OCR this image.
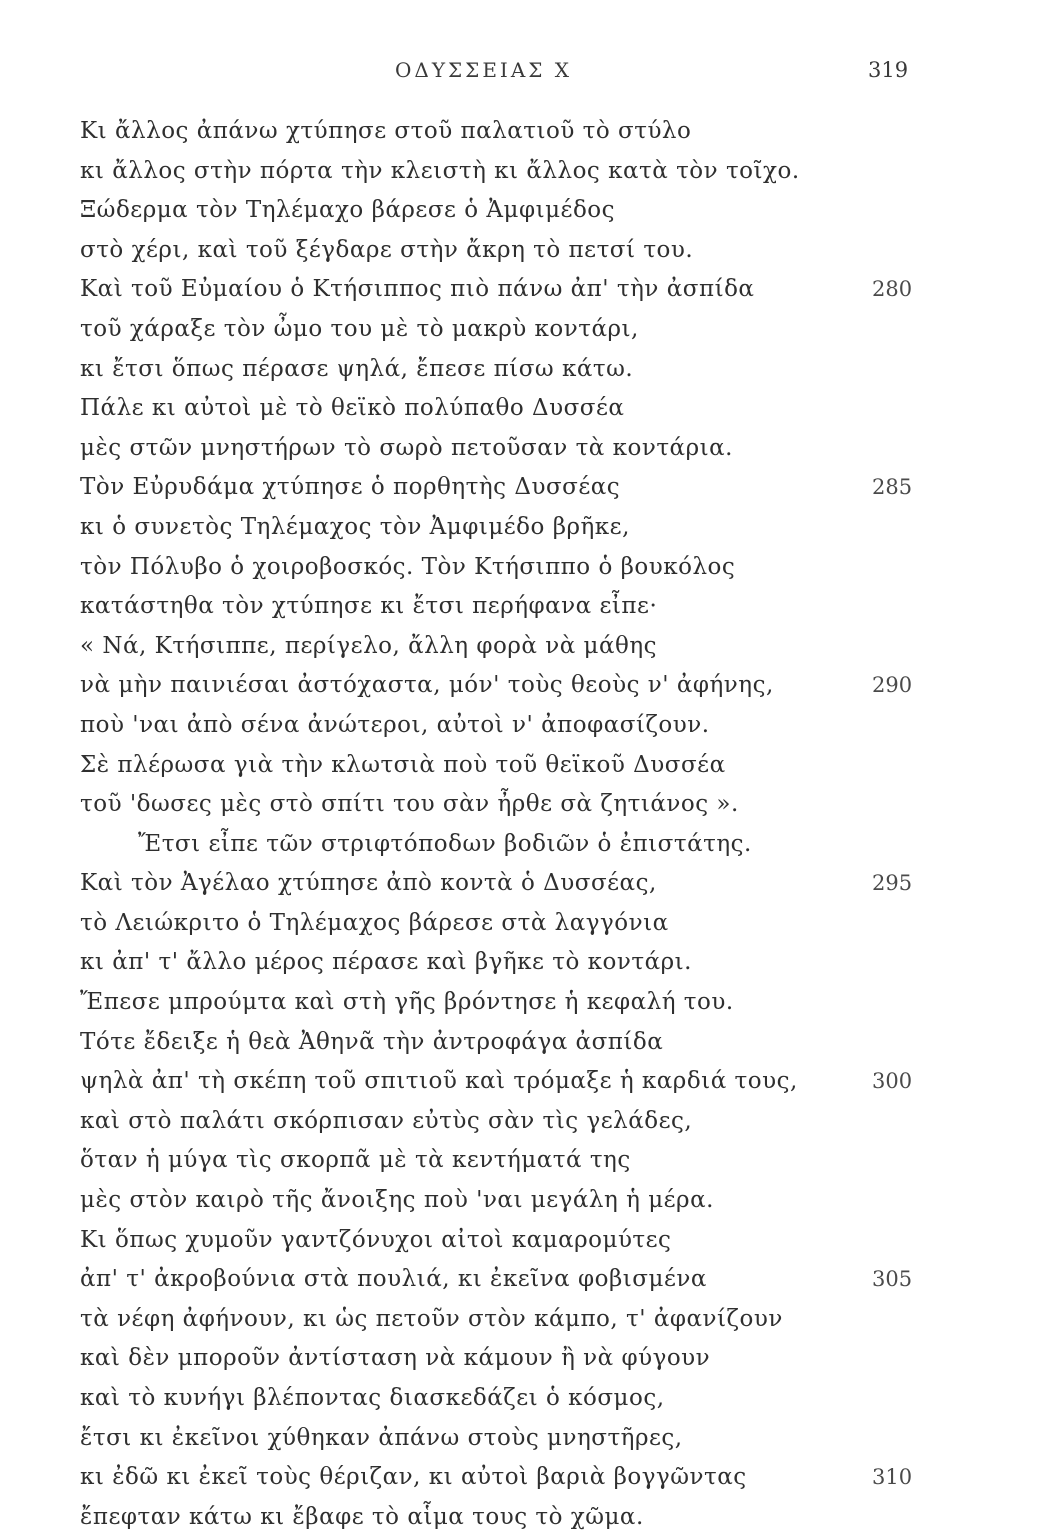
ΟΔΥΣΣΕΙΑΣ Χ	319
Κι ἄλλος ἀπάνω χτύπησε στοῦ παλατιοῦ τὸ στύλο
κι ἄλλος στὴν πόρτα τὴν κλειστὴ κι ἄλλος κατὰ τὸν τοῖχο.
Ξώδερμα τὸν Τηλέμαχο βάρεσε ὁ Ἀμφιμέδος
στὸ χέρι, καὶ τοῦ ξέγδαρε στὴν ἄκρη τὸ πετσί του.
Καὶ τοῦ Εὐμαίου ὁ Κτήσιππος πιὸ πάνω ἀπ' τὴν ἀσπίδα
τοῦ χάραξε τὸν ὦμο του μὲ τὸ μακρὺ κοντάρι,
κι ἔτσι ὅπως πέρασε ψηλά, ἔπεσε πίσω κάτω.
Πάλε κι αὐτοὶ μὲ τὸ θεϊκὸ πολύπαθο Δυσσέα
μὲς στῶν μνηστήρων τὸ σωρὸ πετοῦσαν τὰ κοντάρια.
Τὸν Εὐρυδάμα χτύπησε ὁ πορθητὴς Δυσσέας
κι ὁ συνετὸς Τηλέμαχος τὸν Ἀμφιμέδο βρῆκε,
τὸν Πόλυβο ὁ χοιροβοσκός. Τὸν Κτήσιππο ὁ βουκόλος
κατάστηθα τὸν χτύπησε κι ἔτσι περήφανα εἶπε·
« Νά, Κτήσιππε, περίγελο, ἄλλη φορὰ νὰ μάθης
νὰ μὴν παινιέσαι ἀστόχαστα, μόν' τοὺς θεοὺς ν' ἀφήνης,
ποὺ 'ναι ἀπὸ σένα ἀνώτεροι, αὐτοὶ ν' ἀποφασίζουν.
Σὲ πλέρωσα γιὰ τὴν κλωτσιὰ ποὺ τοῦ θεϊκοῦ Δυσσέα
τοῦ 'δωσες μὲς στὸ σπίτι του σὰν ἦρθε σὰ ζητιάνος ».
Ἔτσι εἶπε τῶν στριφτόποδων βοδιῶν ὁ ἐπιστάτης.
Καὶ τὸν Ἀγέλαο χτύπησε ἀπὸ κοντὰ ὁ Δυσσέας,
τὸ Λειώκριτο ὁ Τηλέμαχος βάρεσε στὰ λαγγόνια
κι ἀπ' τ' ἄλλο μέρος πέρασε καὶ βγῆκε τὸ κοντάρι.
Ἔπεσε μπρούμτα καὶ στὴ γῆς βρόντησε ἡ κεφαλή του.
Τότε ἔδειξε ἡ θεὰ Ἀθηνᾶ τὴν ἀντροφάγα ἀσπίδα
ψηλὰ ἀπ' τὴ σκέπη τοῦ σπιτιοῦ καὶ τρόμαξε ἡ καρδιά τους,
καὶ στὸ παλάτι σκόρπισαν εὐτὺς σὰν τὶς γελάδες,
ὅταν ἡ μύγα τὶς σκορπᾶ μὲ τὰ κεντήματά της
μὲς στὸν καιρὸ τῆς ἄνοιξης ποὺ 'ναι μεγάλη ἡ μέρα.
Κι ὅπως χυμοῦν γαντζόνυχοι αἰτοὶ καμαρομύτες
ἀπ' τ' ἀκροβούνια στὰ πουλιά, κι ἐκεῖνα φοβισμένα
τὰ νέφη ἀφήνουν, κι ὡς πετοῦν στὸν κάμπο, τ' ἀφανίζουν
καὶ δὲν μποροῦν ἀντίσταση νὰ κάμουν ἢ νὰ φύγουν
καὶ τὸ κυνήγι βλέποντας διασκεδάζει ὁ κόσμος,
ἔτσι κι ἐκεῖνοι χύθηκαν ἀπάνω στοὺς μνηστῆρες,
κι ἐδῶ κι ἐκεῖ τοὺς θέριζαν, κι αὐτοὶ βαριὰ βογγῶντας
ἔπεφταν κάτω κι ἔβαφε τὸ αἷμα τους τὸ χῶμα.
280
285
290
295
300
305
310
